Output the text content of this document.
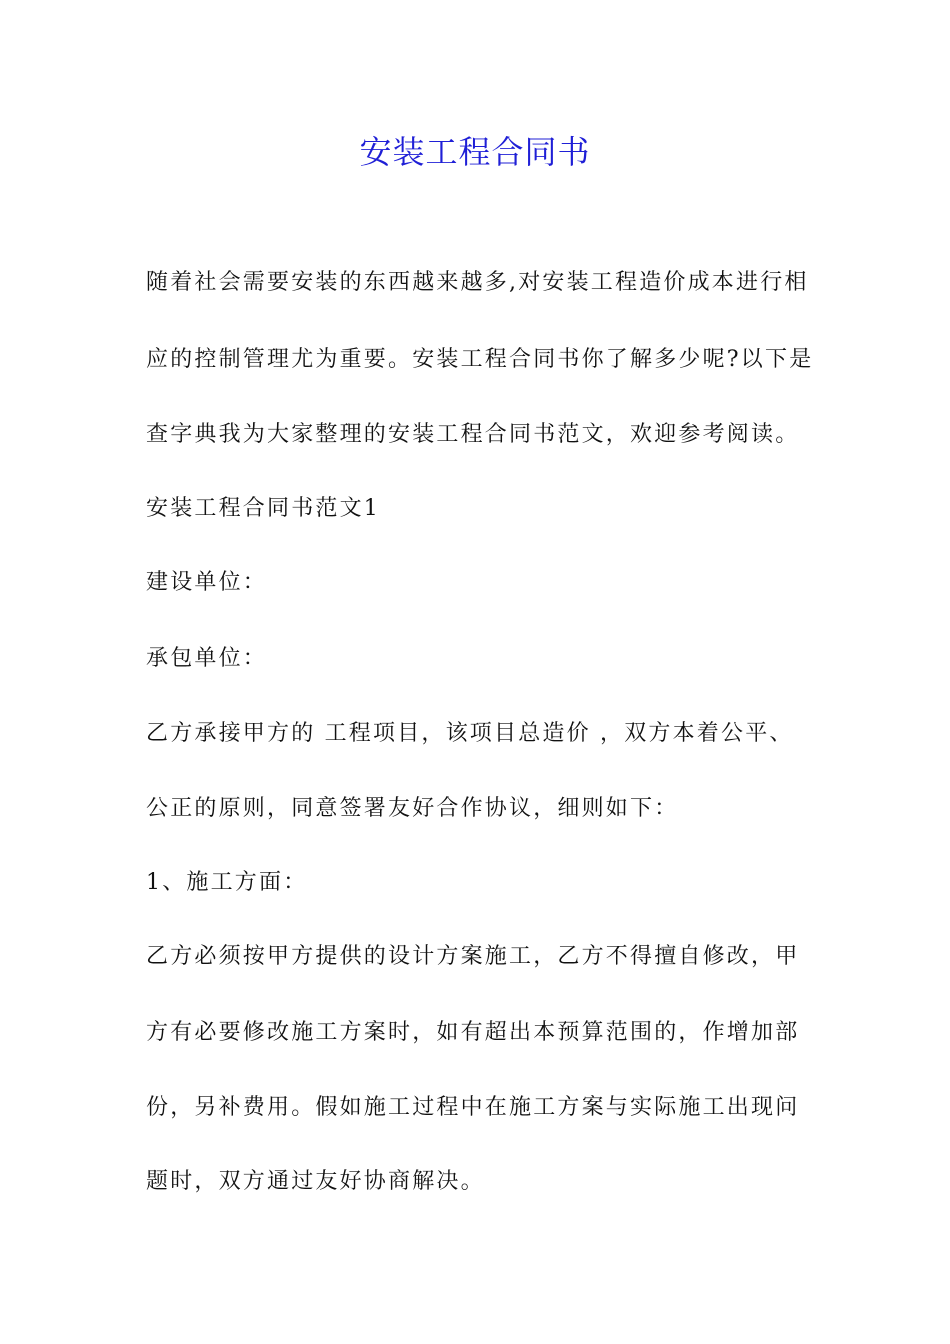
安装工程合同书
随着社会需要安装的东西越来越多,对安装工程造价成本进行相
应的控制管理尤为重要。安装工程合同书你了解多少呢?以下是
查字典我为大家整理的安装工程合同书范文，欢迎参考阅读。
安装工程合同书范文1
建设单位：
承包单位：
乙方承接甲方的 工程项目，该项目总造价 ，双方本着公平、
公正的原则，同意签署友好合作协议，细则如下：
1、施工方面：
乙方必须按甲方提供的设计方案施工，乙方不得擅自修改，甲
方有必要修改施工方案时，如有超出本预算范围的，作增加部
份，另补费用。假如施工过程中在施工方案与实际施工出现问
题时，双方通过友好协商解决。
